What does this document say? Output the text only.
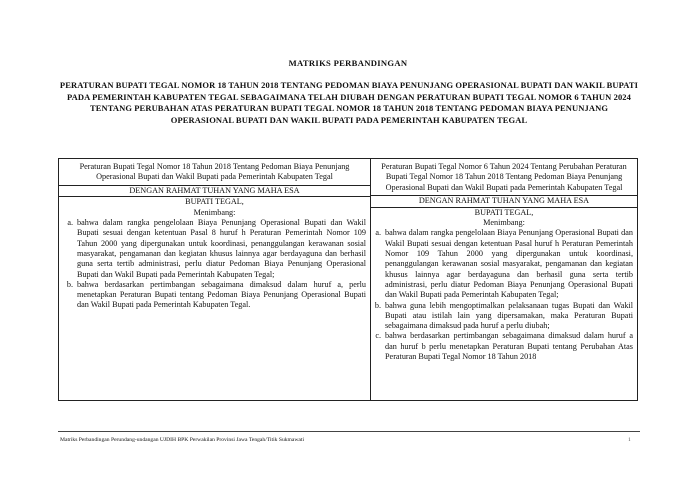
MATRIKS PERBANDINGAN
PERATURAN BUPATI TEGAL NOMOR 18 TAHUN 2018 TENTANG PEDOMAN BIAYA PENUNJANG OPERASIONAL BUPATI DAN WAKIL BUPATI PADA PEMERINTAH KABUPATEN TEGAL SEBAGAIMANA TELAH DIUBAH DENGAN PERATURAN BUPATI TEGAL NOMOR 6 TAHUN 2024 TENTANG PERUBAHAN ATAS PERATURAN BUPATI TEGAL NOMOR 18 TAHUN 2018 TENTANG PEDOMAN BIAYA PENUNJANG OPERASIONAL BUPATI DAN WAKIL BUPATI PADA PEMERINTAH KABUPATEN TEGAL
Peraturan Bupati Tegal Nomor 18 Tahun 2018 Tentang Pedoman Biaya Penunjang Operasional Bupati dan Wakil Bupati pada Pemerintah Kabupaten Tegal
DENGAN RAHMAT TUHAN YANG MAHA ESA
BUPATI TEGAL,
Menimbang:
a. bahwa dalam rangka pengelolaan Biaya Penunjang Operasional Bupati dan Wakil Bupati sesuai dengan ketentuan Pasal 8 huruf h Peraturan Pemerintah Nomor 109 Tahun 2000 yang dipergunakan untuk koordinasi, penanggulangan kerawanan sosial masyarakat, pengamanan dan kegiatan khusus lainnya agar berdayaguna dan berhasil guna serta tertib administrasi, perlu diatur Pedoman Biaya Penunjang Operasional Bupati dan Wakil Bupati pada Pemerintah Kabupaten Tegal;
b. bahwa berdasarkan pertimbangan sebagaimana dimaksud dalam huruf a, perlu menetapkan Peraturan Bupati tentang Pedoman Biaya Penunjang Operasional Bupati dan Wakil Bupati pada Pemerintah Kabupaten Tegal.
Peraturan Bupati Tegal Nomor 6 Tahun 2024 Tentang Perubahan Peraturan Bupati Tegal Nomor 18 Tahun 2018 Tentang Pedoman Biaya Penunjang Operasional Bupati dan Wakil Bupati pada Pemerintah Kabupaten Tegal
DENGAN RAHMAT TUHAN YANG MAHA ESA
BUPATI TEGAL,
Menimbang:
a. bahwa dalam rangka pengelolaan Biaya Penunjang Operasional Bupati dan Wakil Bupati sesuai dengan ketentuan Pasal huruf h Peraturan Pemerintah Nomor 109 Tahun 2000 yang dipergunakan untuk koordinasi, penanggulangan kerawanan sosial masyarakat, pengamanan dan kegiatan khusus lainnya agar berdayaguna dan berhasil guna serta tertib administrasi, perlu diatur Pedoman Biaya Penunjang Operasional Bupati dan Wakil Bupati pada Pemerintah Kabupaten Tegal;
b. bahwa guna lebih mengoptimalkan pelaksanaan tugas Bupati dan Wakil Bupati atau istilah lain yang dipersamakan, maka Peraturan Bupati sebagaimana dimaksud pada huruf a perlu diubah;
c. bahwa berdasarkan pertimbangan sebagaimana dimaksud dalam huruf a dan huruf b perlu menetapkan Peraturan Bupati tentang Perubahan Atas Peraturan Bupati Tegal Nomor 18 Tahun 2018
Matriks Perbandingan Perundang-undangan UJDIH BPK Perwakilan Provinsi Jawa Tengah/Titik Sukmawati	1
